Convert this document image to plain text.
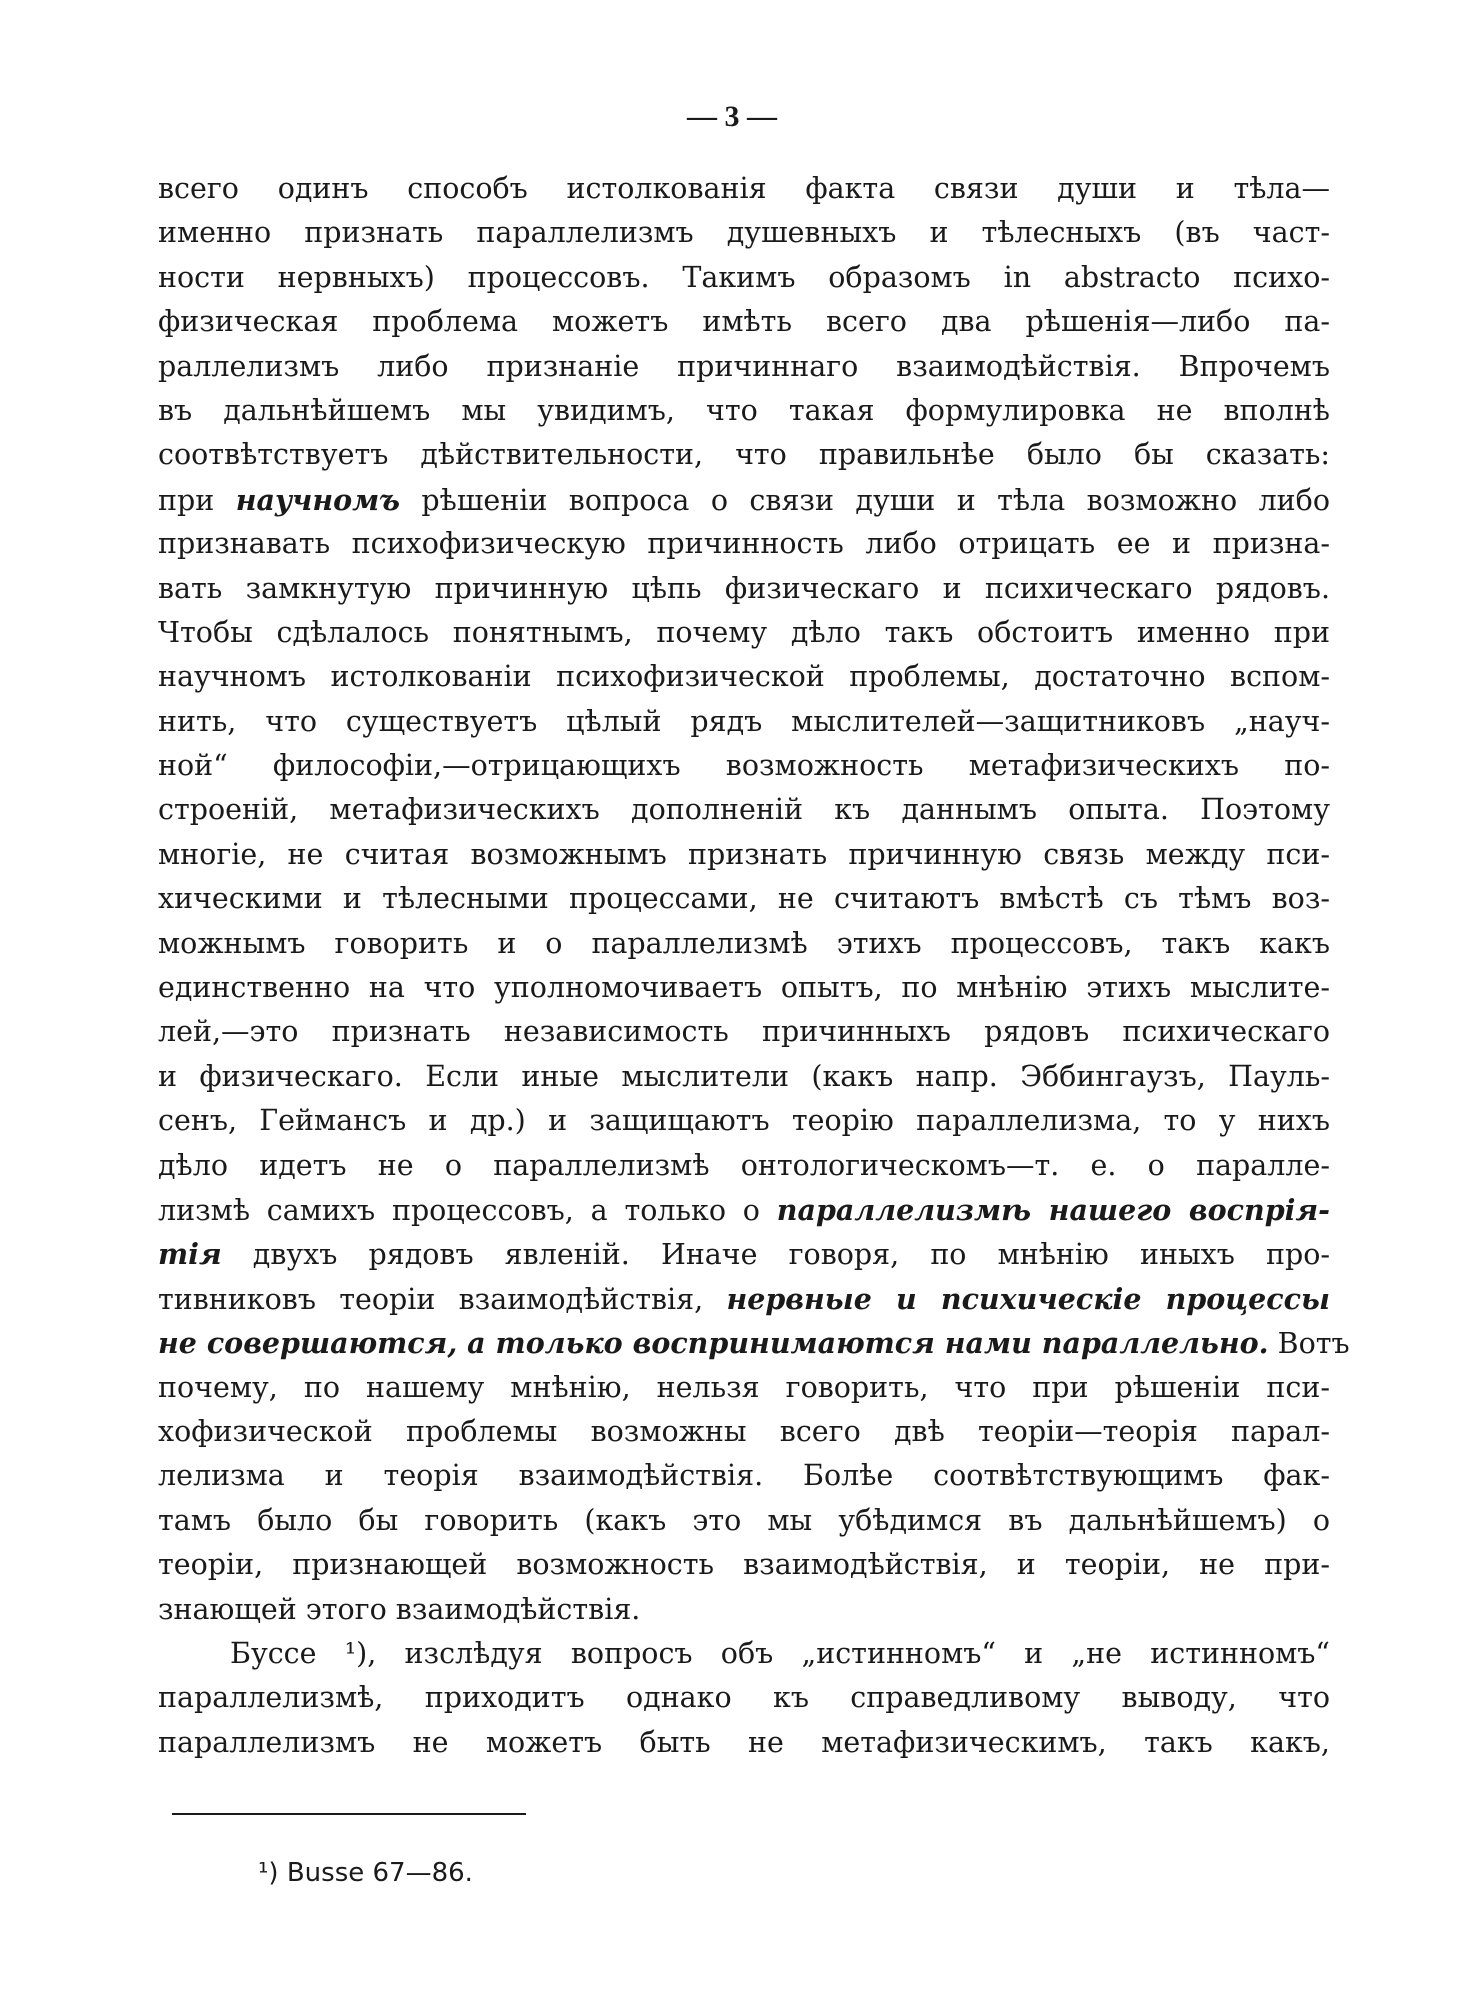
— 3 —
всего одинъ способъ истолкованія факта связи души и тѣла—
именно признать параллелизмъ душевныхъ и тѣлесныхъ (въ част-
ности нервныхъ) процессовъ. Такимъ образомъ in abstracto психо-
физическая проблема можетъ имѣть всего два рѣшенія—либо па-
раллелизмъ либо признаніе причиннаго взаимодѣйствія. Впрочемъ
въ дальнѣйшемъ мы увидимъ, что такая формулировка не вполнѣ
соотвѣтствуетъ дѣйствительности, что правильнѣе было бы сказать:
при научномъ рѣшеніи вопроса о связи души и тѣла возможно либо
признавать психофизическую причинность либо отрицать ее и призна-
вать замкнутую причинную цѣпь физическаго и психическаго рядовъ.
Чтобы сдѣлалось понятнымъ, почему дѣло такъ обстоитъ именно при
научномъ истолкованіи психофизической проблемы, достаточно вспом-
нить, что существуетъ цѣлый рядъ мыслителей—защитниковъ „науч-
ной“ философіи,—отрицающихъ возможность метафизическихъ по-
строеній, метафизическихъ дополненій къ даннымъ опыта. Поэтому
многіе, не считая возможнымъ признать причинную связь между пси-
хическими и тѣлесными процессами, не считаютъ вмѣстѣ съ тѣмъ воз-
можнымъ говорить и о параллелизмѣ этихъ процессовъ, такъ какъ
единственно на что уполномочиваетъ опытъ, по мнѣнію этихъ мыслите-
лей,—это признать независимость причинныхъ рядовъ психическаго
и физическаго. Если иные мыслители (какъ напр. Эббингаузъ, Пауль-
сенъ, Геймансъ и др.) и защищаютъ теорію параллелизма, то у нихъ
дѣло идетъ не о параллелизмѣ онтологическомъ—т. е. о паралле-
лизмѣ самихъ процессовъ, а только о параллелизмѣ нашего воспрія-
тія двухъ рядовъ явленій. Иначе говоря, по мнѣнію иныхъ про-
тивниковъ теоріи взаимодѣйствія, нервные и психическіе процессы
не совершаются, а только воспринимаются нами параллельно. Вотъ
почему, по нашему мнѣнію, нельзя говорить, что при рѣшеніи пси-
хофизической проблемы возможны всего двѣ теоріи—теорія парал-
лелизма и теорія взаимодѣйствія. Болѣе соотвѣтствующимъ фак-
тамъ было бы говорить (какъ это мы убѣдимся въ дальнѣйшемъ) о
теоріи, признающей возможность взаимодѣйствія, и теоріи, не при-
знающей этого взаимодѣйствія.
Буссе ¹), изслѣдуя вопросъ объ „истинномъ“ и „не истинномъ“
параллелизмѣ, приходитъ однако къ справедливому выводу, что
параллелизмъ не можетъ быть не метафизическимъ, такъ какъ,
¹) Busse 67—86.
